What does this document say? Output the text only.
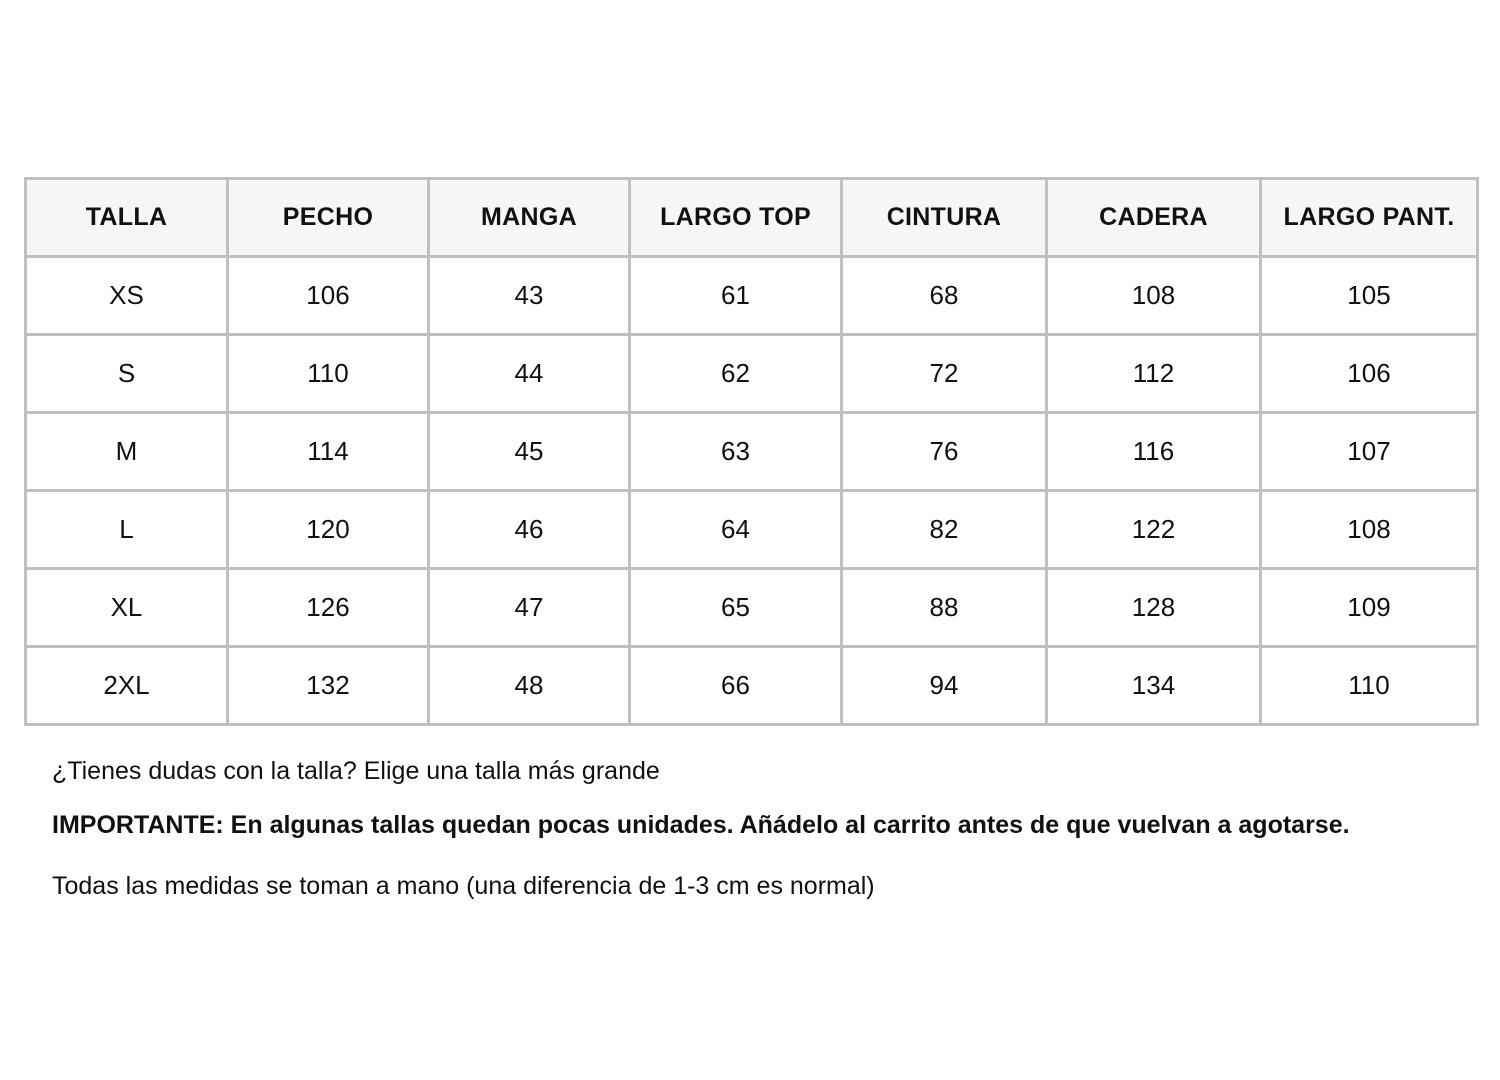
TALLA	PECHO	MANGA	LARGO TOP	CINTURA	CADERA	LARGO PANT.
XS	106	43	61	68	108	105
S	110	44	62	72	112	106
M	114	45	63	76	116	107
L	120	46	64	82	122	108
XL	126	47	65	88	128	109
2XL	132	48	66	94	134	110

¿Tienes dudas con la talla? Elige una talla más grande

IMPORTANTE: En algunas tallas quedan pocas unidades. Añádelo al carrito antes de que vuelvan a agotarse.

Todas las medidas se toman a mano (una diferencia de 1-3 cm es normal)
